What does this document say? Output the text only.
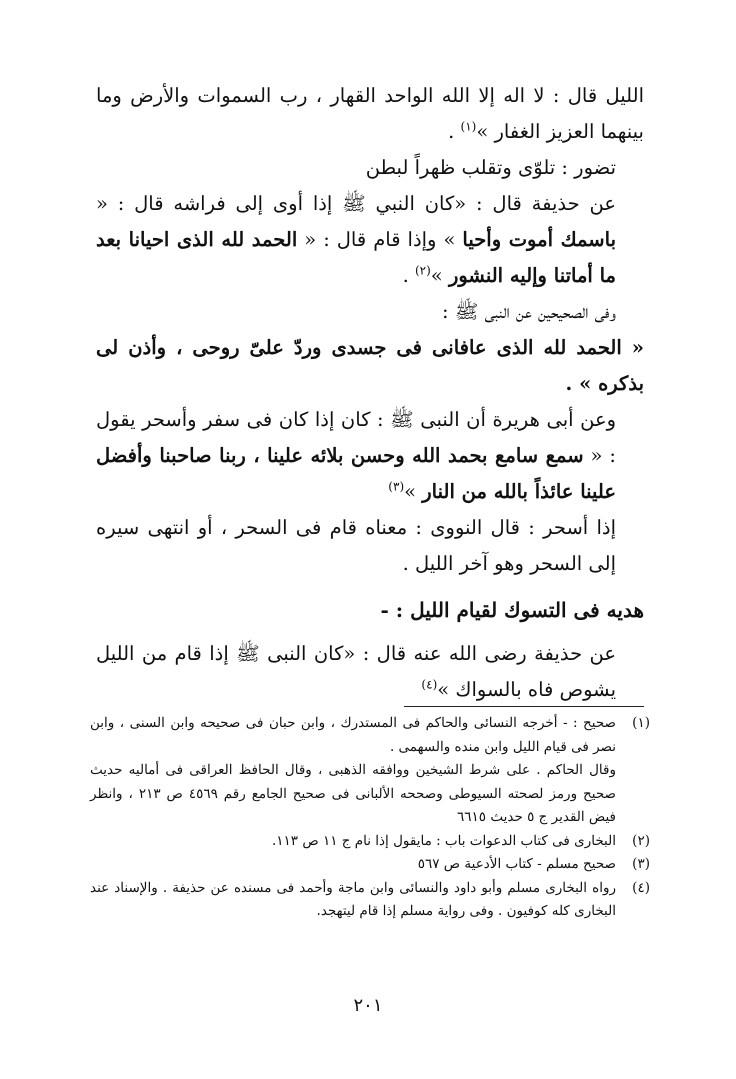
الليل قال : لا اله إلا الله الواحد القهار ، رب السموات والأرض وما بينهما العزيز الغفار »$^{(١)}$ .

تضور : تلوّى وتقلب ظهراً لبطن

عن حذيفة قال : «كان النبي ﷺ إذا أوى إلى فراشه قال : « باسمك أموت وأحيا » وإذا قام قال : « الحمد لله الذى احيانا بعد ما أماتنا وإليه النشور »$^{(٢)}$ .

وفى الصحيحين عن النبى ﷺ :

« الحمد لله الذى عافانى فى جسدى وردّ علىّ روحى ، وأذن لى بذكره » .

وعن أبى هريرة أن النبى ﷺ : كان إذا كان فى سفر وأسحر يقول : « سمع سامع بحمد الله وحسن بلائه علينا ، ربنا صاحبنا وأفضل علينا عائذاً بالله من النار »$^{(٣)}$

إذا أسحر : قال النووى : معناه قام فى السحر ، أو انتهى سيره إلى السحر وهو آخر الليل .

هديه فى التسوك لقيام الليل : -

عن حذيفة رضى الله عنه قال : «كان النبى ﷺ إذا قام من الليل يشوص فاه بالسواك »$^{(٤)}$

(١)

صحيح : - أخرجه النسائى والحاكم فى المستدرك ، وابن حبان فى صحيحه وابن السنى ، وابن نصر فى قيام الليل وابن منده والسهمى .

وقال الحاكم . على شرط الشيخين ووافقه الذهبى ، وقال الحافظ العراقى فى أماليه حديث صحيح ورمز لصحته السيوطى وصححه الألبانى فى صحيح الجامع رقم ٤٥٦٩ ص ٢١٣ ، وانظر فيض القدير ج ٥ حديث ٦٦١٥

(٢)

البخارى فى كتاب الدعوات باب : مايقول إذا نام ج ١١ ص ١١٣.

(٣)

صحيح مسلم - كتاب الأدعية ص ٥٦٧

(٤)

رواه البخارى مسلم وأبو داود والنسائى وابن ماجة وأحمد فى مسنده عن حذيفة . والإسناد عند البخارى كله كوفيون . وفى رواية مسلم إذا قام ليتهجد.

٢٠١
